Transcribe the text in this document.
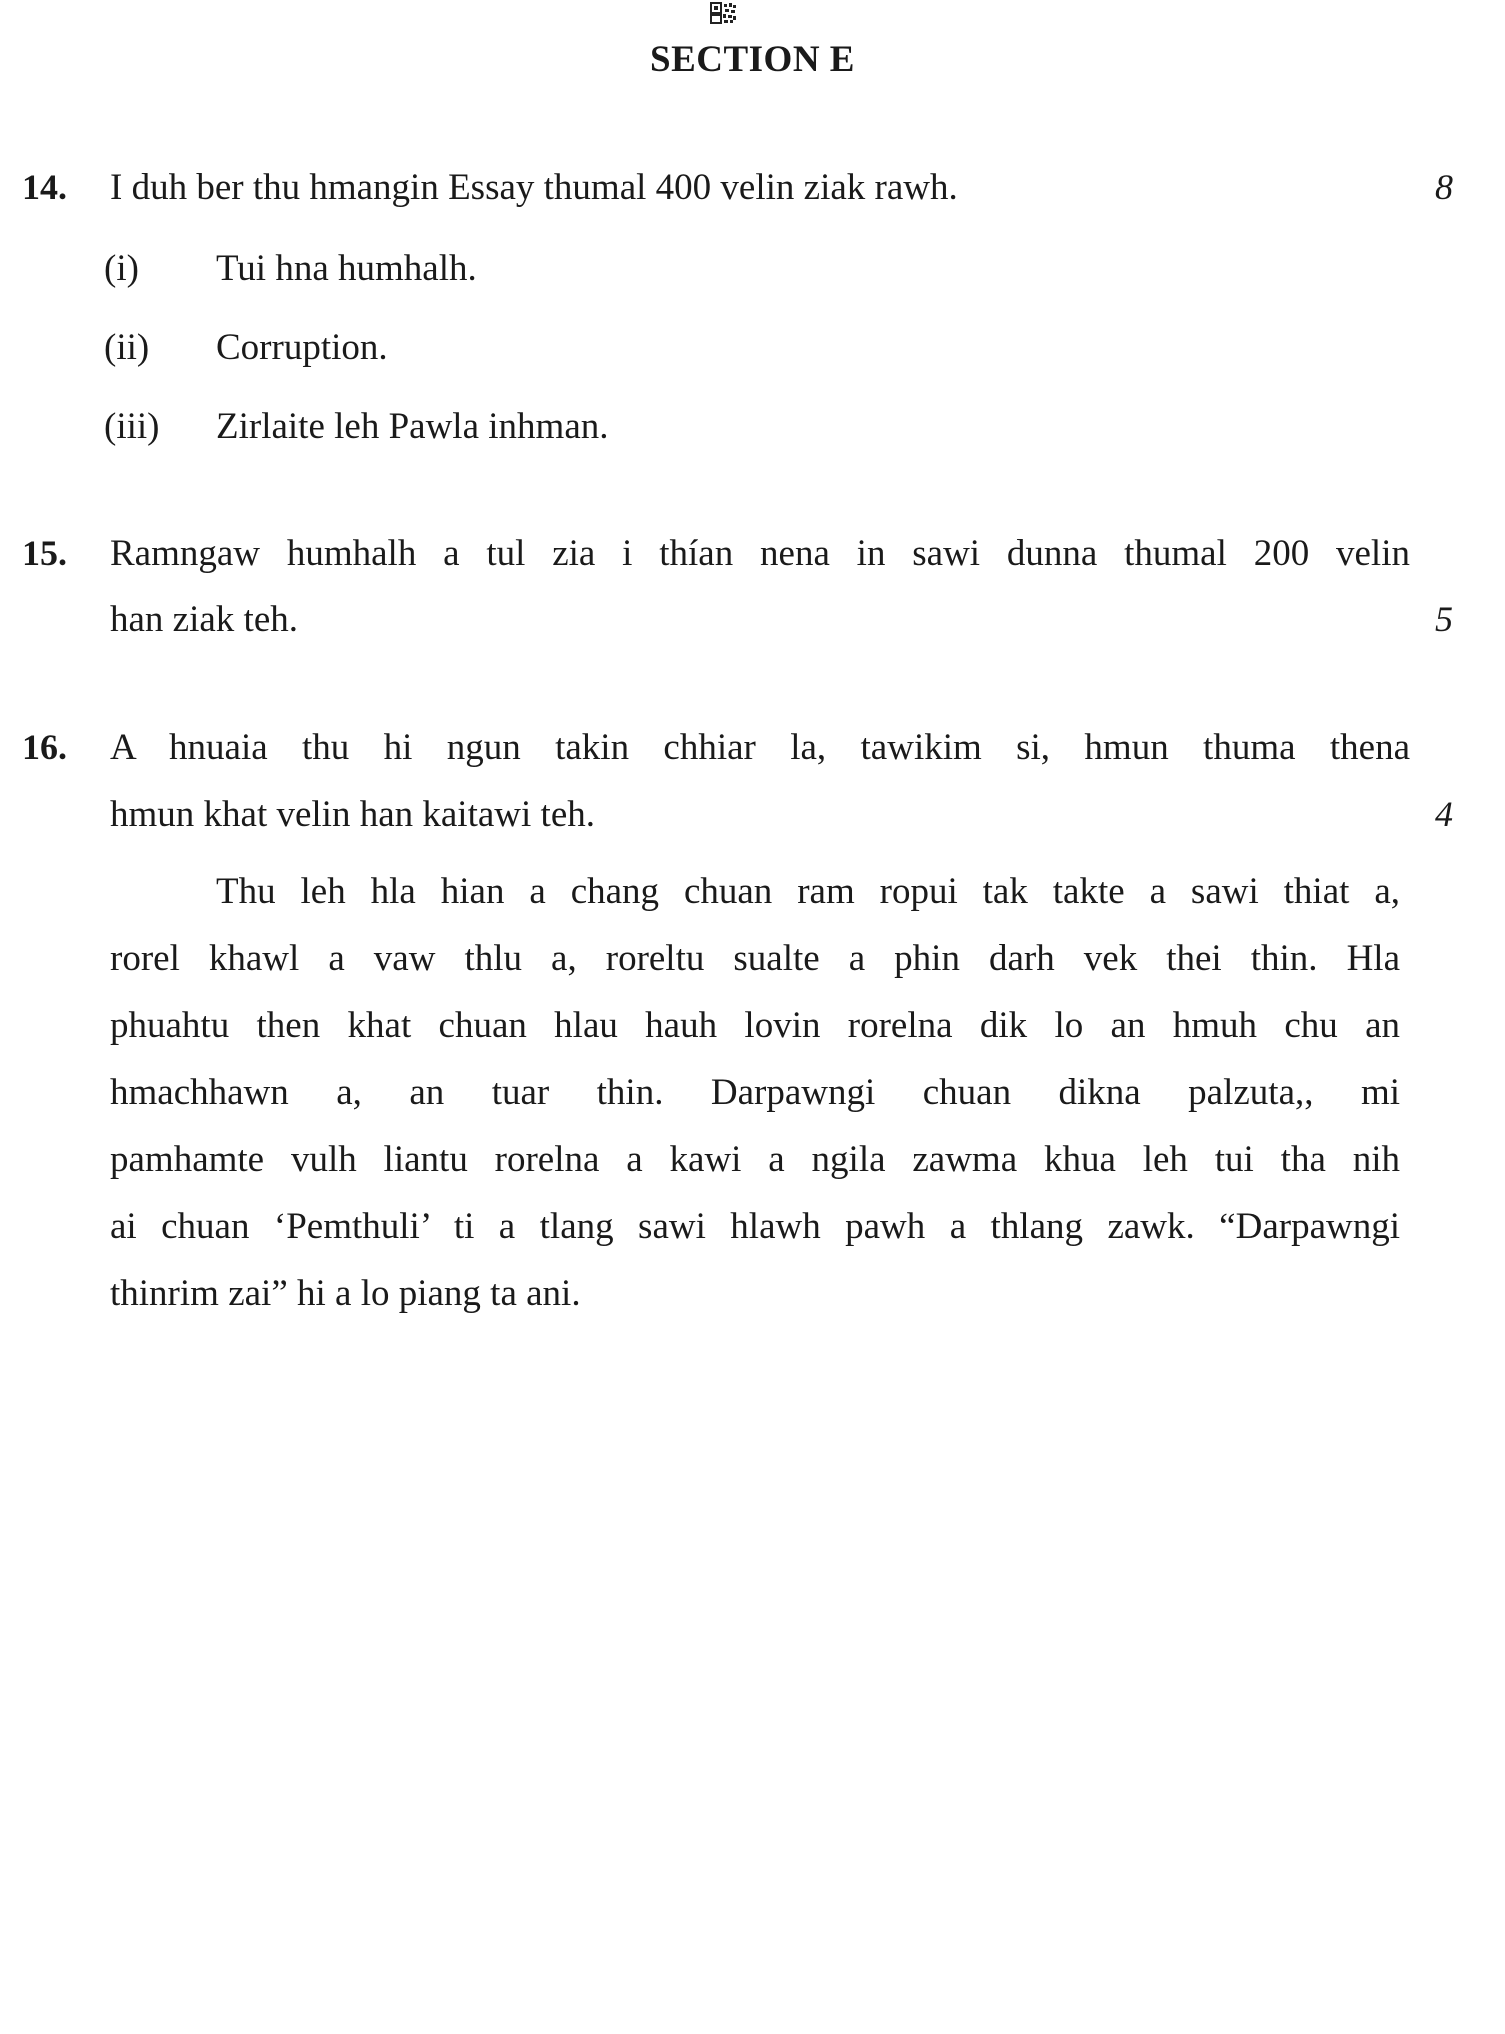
SECTION E
14. I duh ber thu hmangin Essay thumal 400 velin ziak rawh.	8
(i) Tui hna humhalh.
(ii) Corruption.
(iii) Zirlaite leh Pawla inhman.
15. Ramngaw humhalh a tul zia i thían nena in sawi dunna thumal 200 velin
han ziak teh.	5
16. A hnuaia thu hi ngun takin chhiar la, tawikim si, hmun thuma thena
hmun khat velin han kaitawi teh.	4
Thu leh hla hian a chang chuan ram ropui tak takte a sawi thiat a,
rorel khawl a vaw thlu a, roreltu sualte a phin darh vek thei thin. Hla
phuahtu then khat chuan hlau hauh lovin rorelna dik lo an hmuh chu an
hmachhawn a, an tuar thin. Darpawngi chuan dikna palzuta,, mi
pamhamte vulh liantu rorelna a kawi a ngila zawma khua leh tui tha nih
ai chuan ‘Pemthuli’ ti a tlang sawi hlawh pawh a thlang zawk. “Darpawngi
thinrim zai” hi a lo piang ta ani.
